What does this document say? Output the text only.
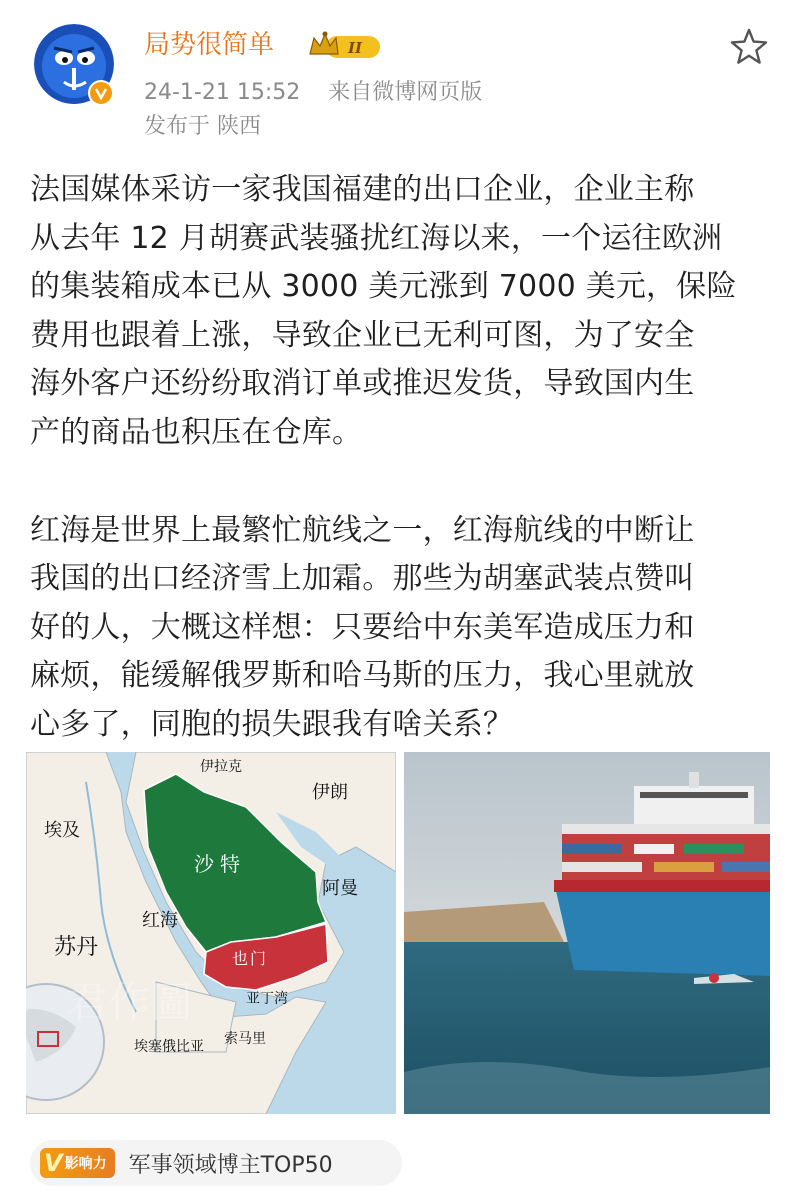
局势很简单	II
24-1-21 15:52 来自微博网页版
发布于 陕西

法国媒体采访一家我国福建的出口企业，企业主称
从去年 12 月胡赛武装骚扰红海以来，一个运往欧洲
的集装箱成本已从 3000 美元涨到 7000 美元，保险
费用也跟着上涨，导致企业已无利可图，为了安全
海外客户还纷纷取消订单或推迟发货，导致国内生
产的商品也积压在仓库。

红海是世界上最繁忙航线之一，红海航线的中断让
我国的出口经济雪上加霜。那些为胡塞武装点赞叫
好的人，大概这样想：只要给中东美军造成压力和
麻烦，能缓解俄罗斯和哈马斯的压力，我心里就放
心多了，同胞的损失跟我有啥关系？

君作圖
伊拉克
伊朗
埃及
沙特
阿曼
红海
苏丹	也门
亚丁湾
埃塞俄比亚 索马里
V 影响力 军事领域博主TOP50
